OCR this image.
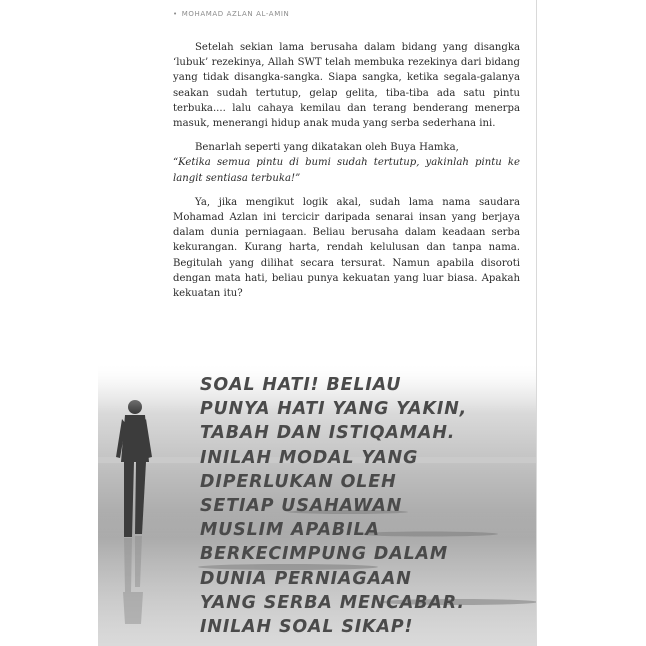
• MOHAMAD AZLAN AL-AMIN

Setelah sekian lama berusaha dalam bidang yang disangka ‘lubuk’ rezekinya, Allah SWT telah membuka rezekinya dari bidang yang tidak disangka-sangka. Siapa sangka, ketika segala-galanya seakan sudah tertutup, gelap gelita, tiba-tiba ada satu pintu terbuka.... lalu cahaya kemilau dan terang benderang menerpa masuk, menerangi hidup anak muda yang serba sederhana ini.

Benarlah seperti yang dikatakan oleh Buya Hamka,
“Ketika semua pintu di bumi sudah tertutup, yakinlah pintu ke langit sentiasa terbuka!”

Ya, jika mengikut logik akal, sudah lama nama saudara Mohamad Azlan ini tercicir daripada senarai insan yang berjaya dalam dunia perniagaan. Beliau berusaha dalam keadaan serba kekurangan. Kurang harta, rendah kelulusan dan tanpa nama. Begitulah yang dilihat secara tersurat. Namun apabila disoroti dengan mata hati, beliau punya kekuatan yang luar biasa. Apakah kekuatan itu?

SOAL HATI! BELIAU PUNYA HATI YANG YAKIN, TABAH DAN ISTIQAMAH. INILAH MODAL YANG DIPERLUKAN OLEH SETIAP USAHAWAN MUSLIM APABILA BERKECIMPUNG DALAM DUNIA PERNIAGAAN YANG SERBA MENCABAR. INILAH SOAL SIKAP!
